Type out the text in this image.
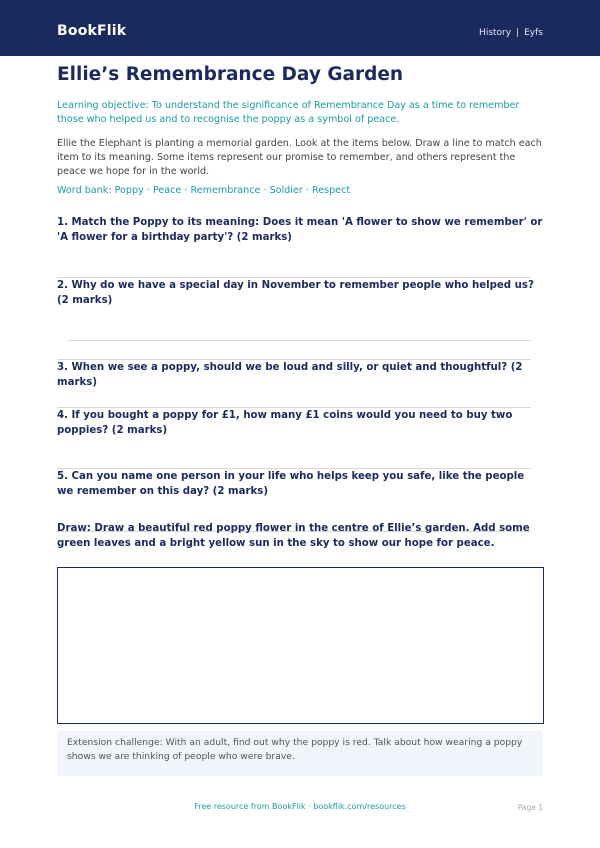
BookFlik	History | Eyfs
Ellie’s Remembrance Day Garden

Learning objective: To understand the significance of Remembrance Day as a time to remember those who helped us and to recognise the poppy as a symbol of peace.

Ellie the Elephant is planting a memorial garden. Look at the items below. Draw a line to match each item to its meaning. Some items represent our promise to remember, and others represent the peace we hope for in the world.

Word bank: Poppy · Peace · Remembrance · Soldier · Respect

1. Match the Poppy to its meaning: Does it mean 'A flower to show we remember' or 'A flower for a birthday party'? (2 marks)

2. Why do we have a special day in November to remember people who helped us? (2 marks)

3. When we see a poppy, should we be loud and silly, or quiet and thoughtful? (2 marks)

4. If you bought a poppy for £1, how many £1 coins would you need to buy two poppies? (2 marks)

5. Can you name one person in your life who helps keep you safe, like the people we remember on this day? (2 marks)

Draw: Draw a beautiful red poppy flower in the centre of Ellie’s garden. Add some green leaves and a bright yellow sun in the sky to show our hope for peace.

Extension challenge: With an adult, find out why the poppy is red. Talk about how wearing a poppy shows we are thinking of people who were brave.

Free resource from BookFlik · bookflik.com/resources	Page 1
